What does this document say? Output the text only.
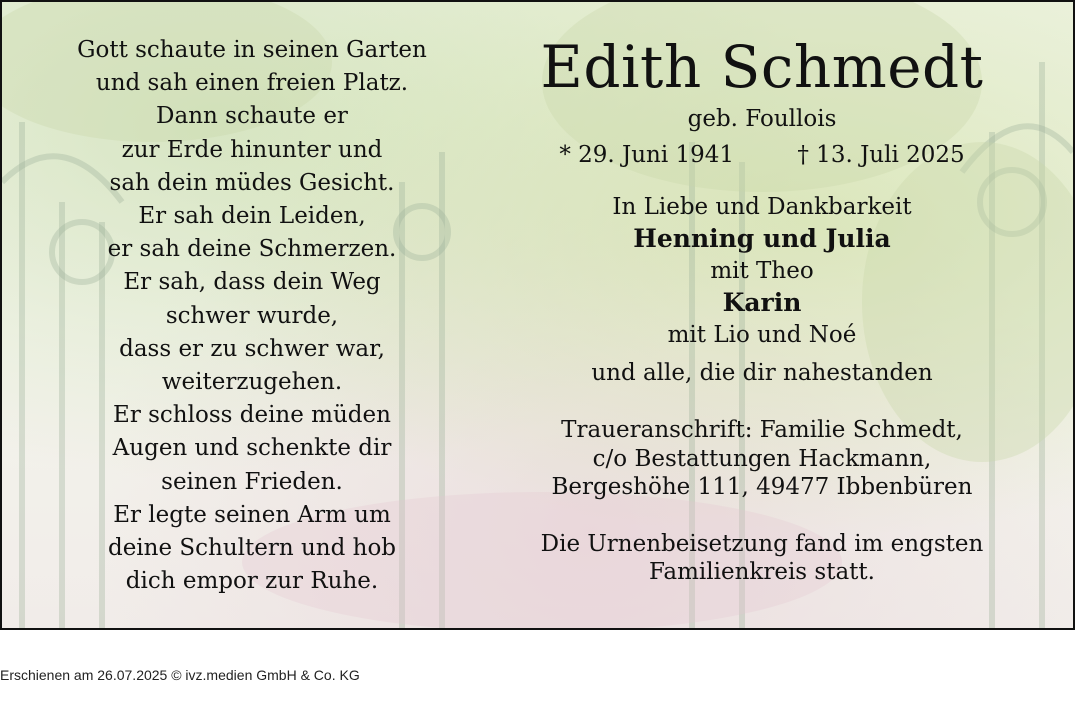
Gott schaute in seinen Garten
und sah einen freien Platz.
Dann schaute er
zur Erde hinunter und
sah dein müdes Gesicht.
Er sah dein Leiden,
er sah deine Schmerzen.
Er sah, dass dein Weg
schwer wurde,
dass er zu schwer war,
weiterzugehen.
Er schloss deine müden
Augen und schenkte dir
seinen Frieden.
Er legte seinen Arm um
deine Schultern und hob
dich empor zur Ruhe.
Edith Schmedt
geb. Foullois
* 29. Juni 1941	† 13. Juli 2025
In Liebe und Dankbarkeit
Henning und Julia
mit Theo
Karin
mit Lio und Noé
und alle, die dir nahestanden
Traueranschrift: Familie Schmedt,
c/o Bestattungen Hackmann,
Bergeshöhe 111, 49477 Ibbenbüren
Die Urnenbeisetzung fand im engsten
Familienkreis statt.
Erschienen am 26.07.2025 © ivz.medien GmbH & Co. KG
